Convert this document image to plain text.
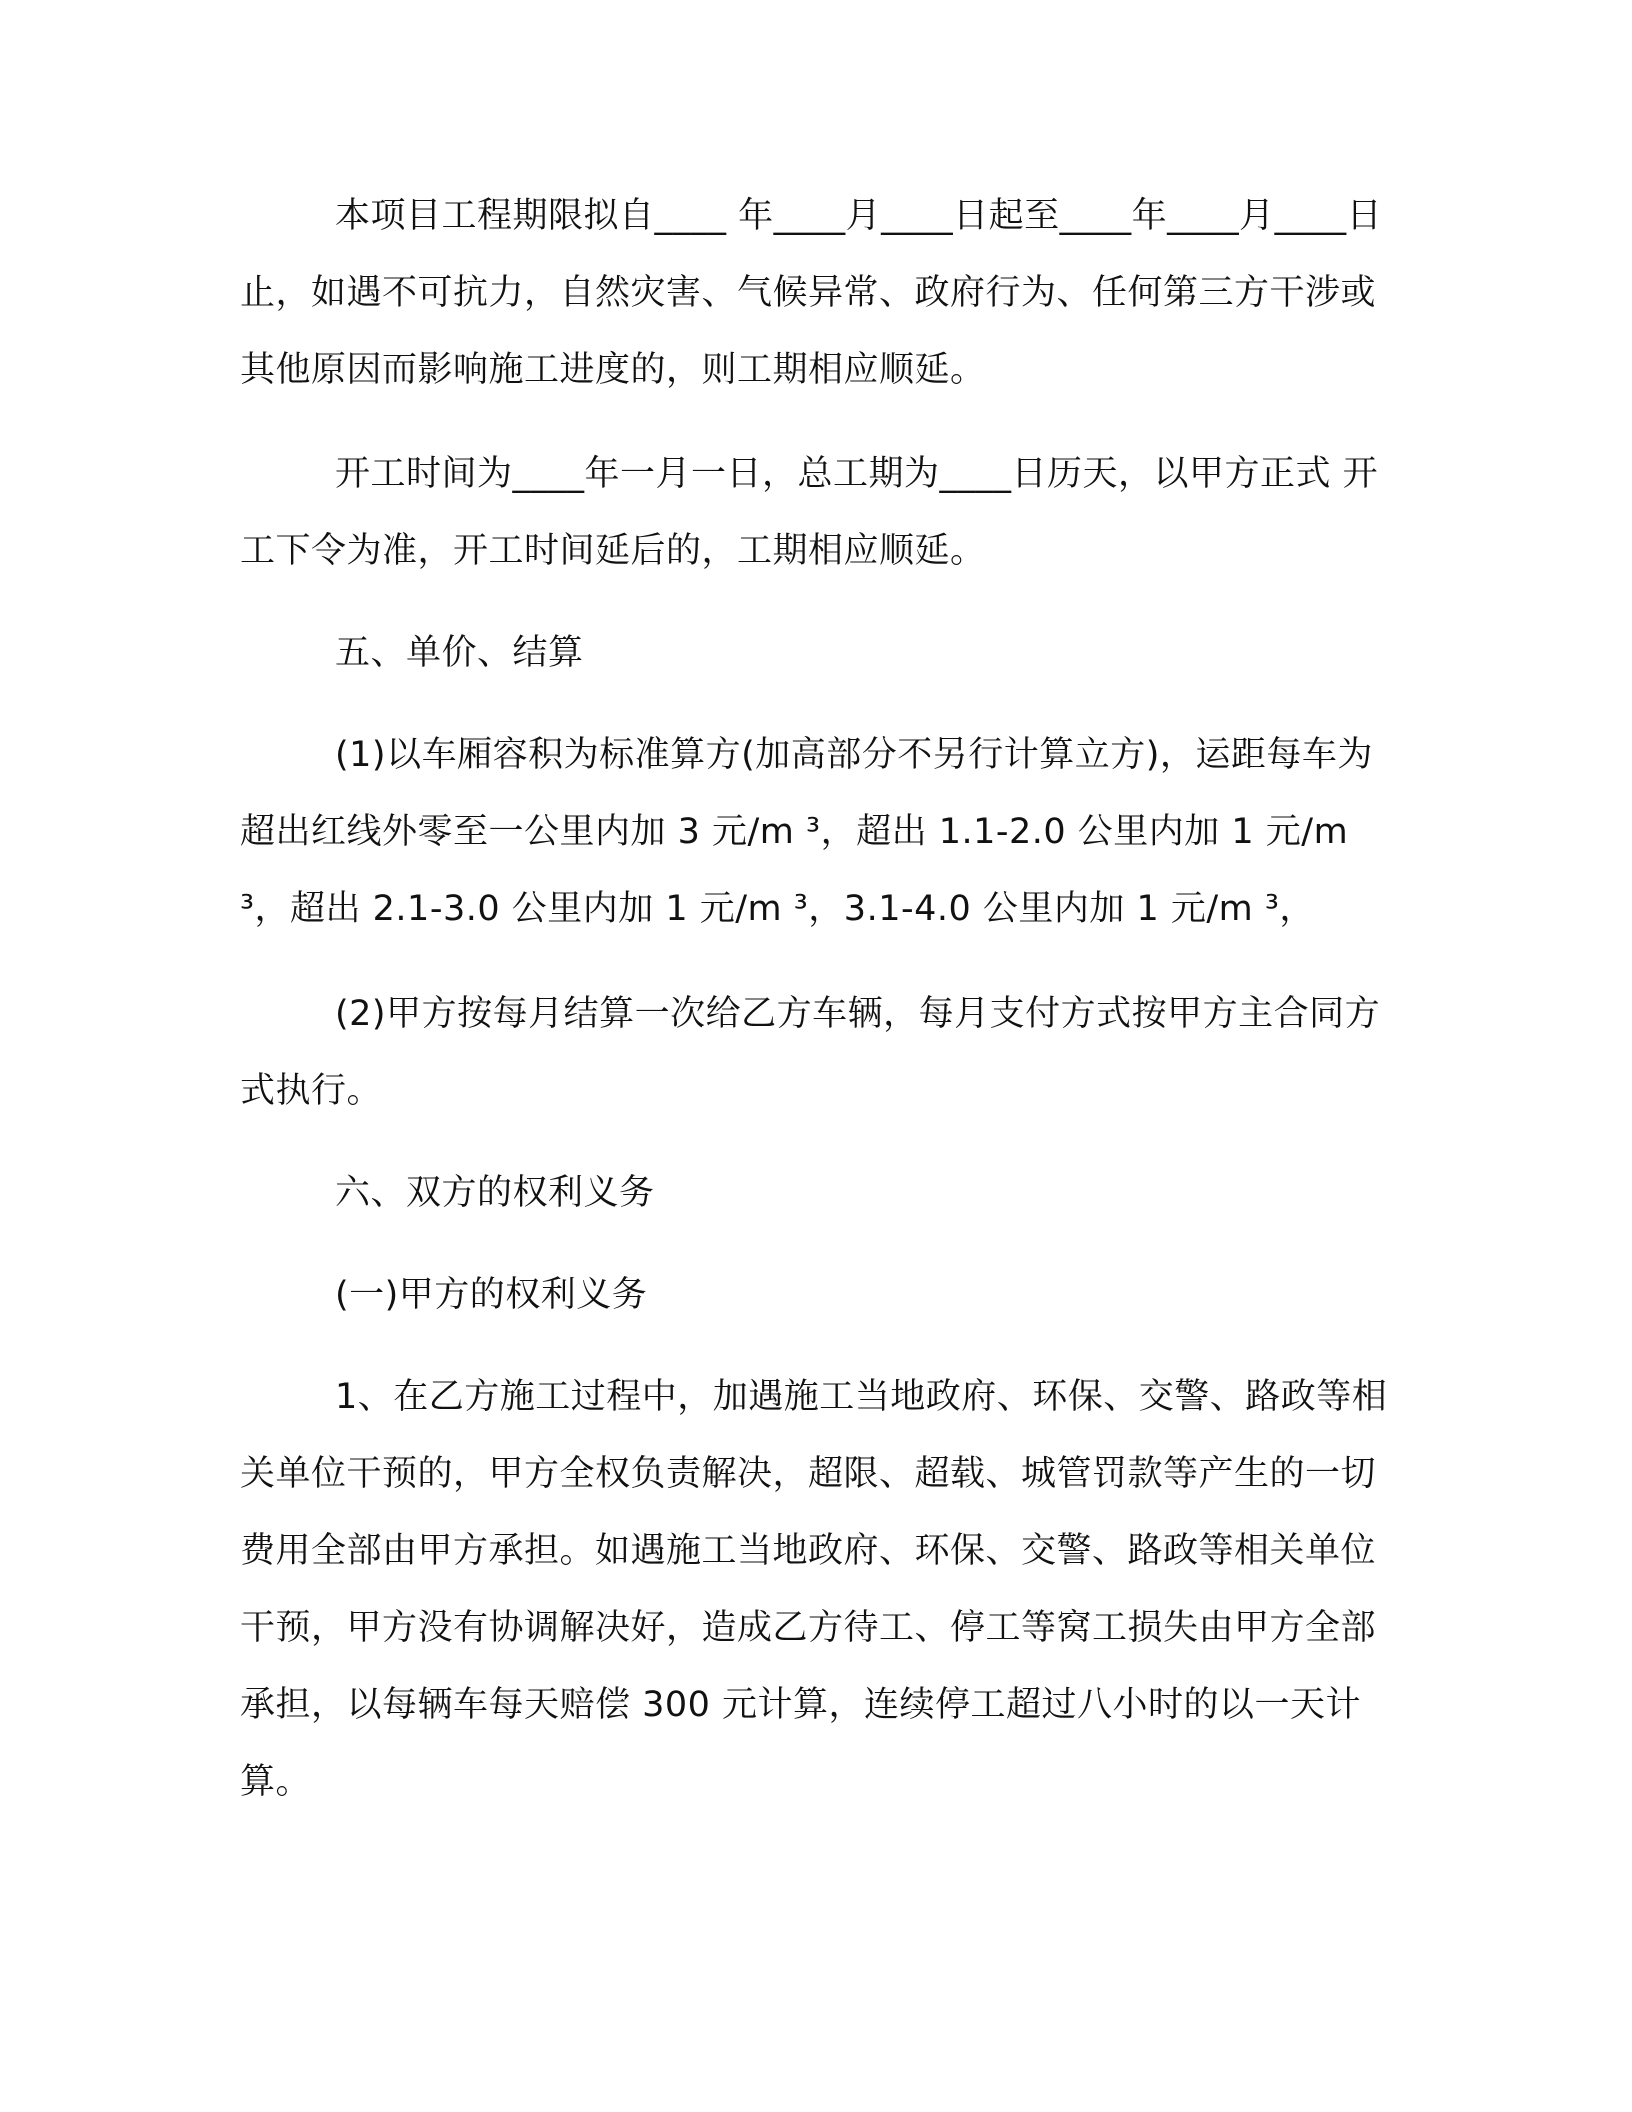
本项目工程期限拟自____ 年____月____日起至____年____月____日止，如遇不可抗力，自然灾害、气候异常、政府行为、任何第三方干涉或其他原因而影响施工进度的，则工期相应顺延。

开工时间为____年一月一日，总工期为____日历天，以甲方正式 开工下令为准，开工时间延后的，工期相应顺延。

五、单价、结算

(1)以车厢容积为标准算方(加高部分不另行计算立方)，运距每车为超出红线外零至一公里内加 3 元/m ³，超出 1.1-2.0 公里内加 1 元/m ³，超出 2.1-3.0 公里内加 1 元/m ³，3.1-4.0 公里内加 1 元/m ³，

(2)甲方按每月结算一次给乙方车辆，每月支付方式按甲方主合同方式执行。

六、双方的权利义务

(一)甲方的权利义务

1、在乙方施工过程中，加遇施工当地政府、环保、交警、路政等相关单位干预的，甲方全权负责解决，超限、超载、城管罚款等产生的一切费用全部由甲方承担。如遇施工当地政府、环保、交警、路政等相关单位干预，甲方没有协调解决好，造成乙方待工、停工等窝工损失由甲方全部承担，以每辆车每天赔偿 300 元计算，连续停工超过八小时的以一天计算。
